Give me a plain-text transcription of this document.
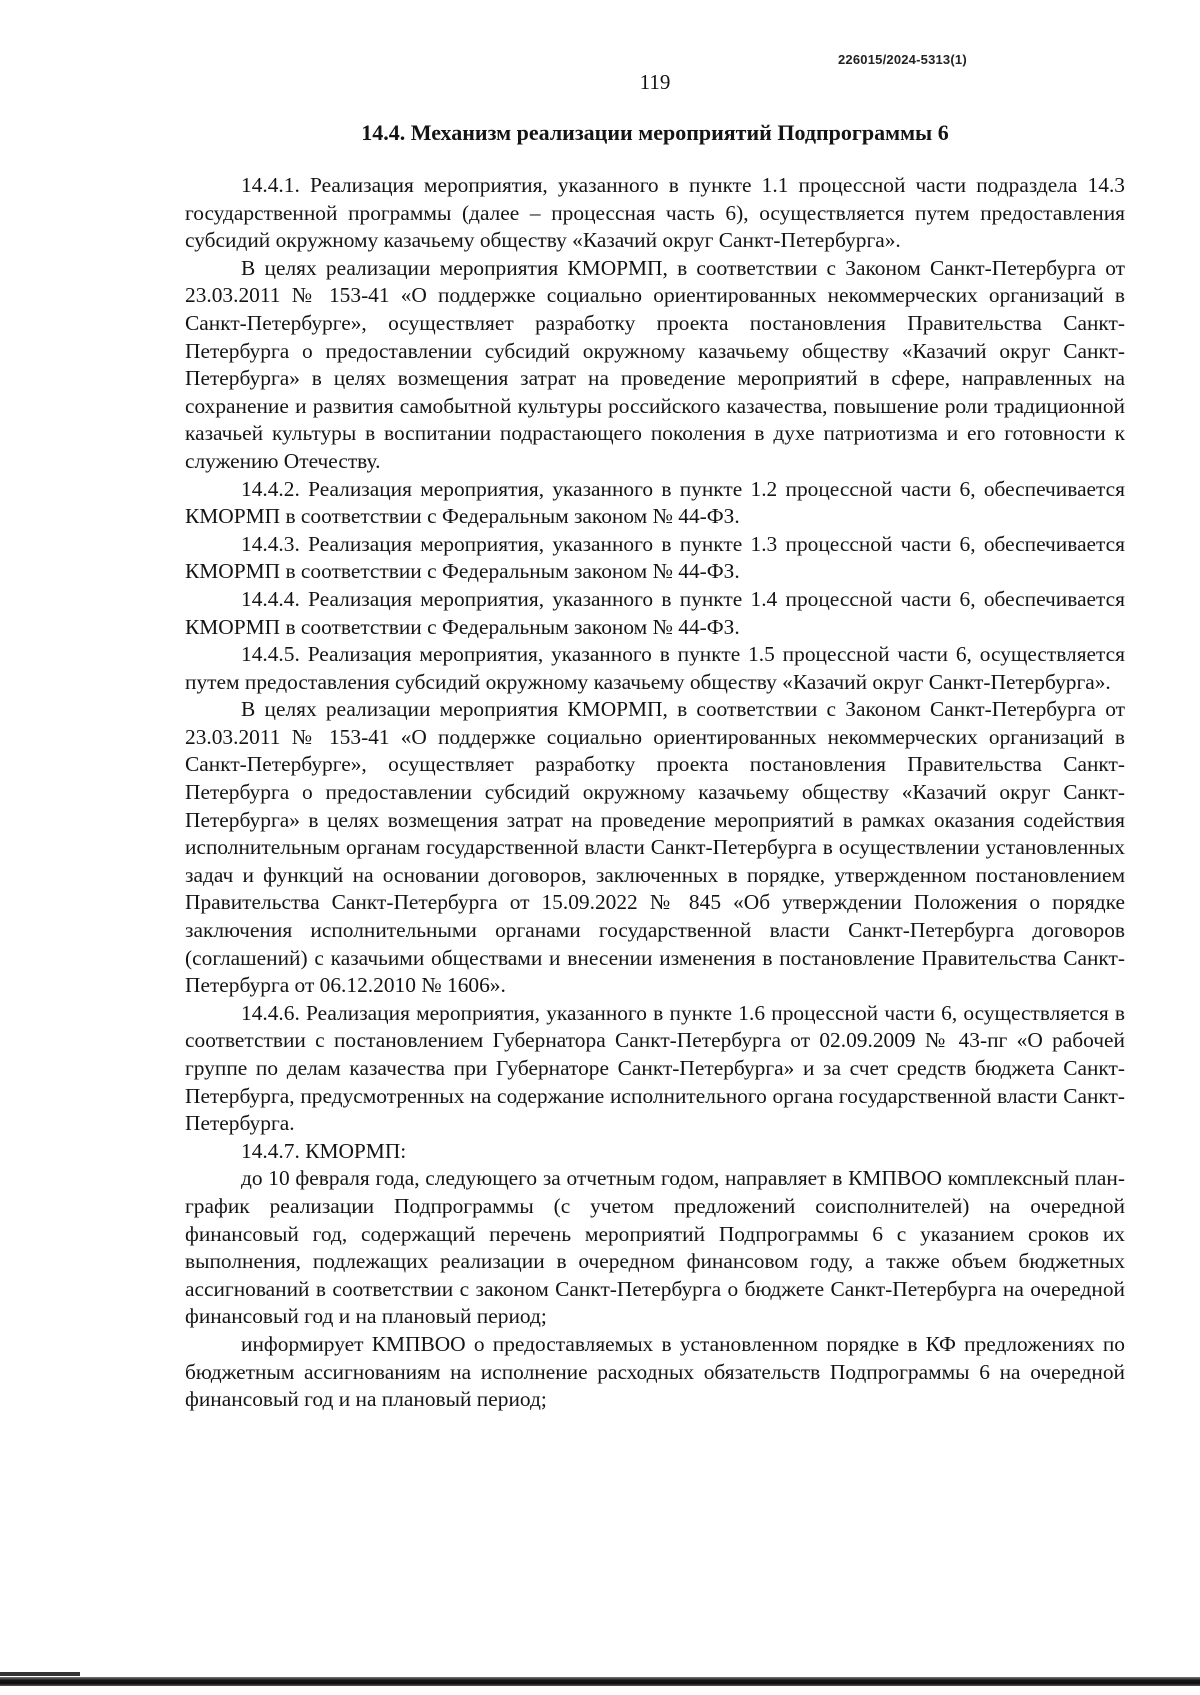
226015/2024-5313(1)
119
14.4. Механизм реализации мероприятий Подпрограммы 6

14.4.1. Реализация мероприятия, указанного в пункте 1.1 процессной части подраздела 14.3 государственной программы (далее – процессная часть 6), осуществляется путем предоставления субсидий окружному казачьему обществу «Казачий округ Санкт-Петербурга».

В целях реализации мероприятия КМОРМП, в соответствии с Законом Санкт-Петербурга от 23.03.2011 № 153-41 «О поддержке социально ориентированных некоммерческих организаций в Санкт-Петербурге», осуществляет разработку проекта постановления Правительства Санкт-Петербурга о предоставлении субсидий окружному казачьему обществу «Казачий округ Санкт-Петербурга» в целях возмещения затрат на проведение мероприятий в сфере, направленных на сохранение и развития самобытной культуры российского казачества, повышение роли традиционной казачьей культуры в воспитании подрастающего поколения в духе патриотизма и его готовности к служению Отечеству.

14.4.2. Реализация мероприятия, указанного в пункте 1.2 процессной части 6, обеспечивается КМОРМП в соответствии с Федеральным законом № 44-ФЗ.

14.4.3. Реализация мероприятия, указанного в пункте 1.3 процессной части 6, обеспечивается КМОРМП в соответствии с Федеральным законом № 44-ФЗ.

14.4.4. Реализация мероприятия, указанного в пункте 1.4 процессной части 6, обеспечивается КМОРМП в соответствии с Федеральным законом № 44-ФЗ.

14.4.5. Реализация мероприятия, указанного в пункте 1.5 процессной части 6, осуществляется путем предоставления субсидий окружному казачьему обществу «Казачий округ Санкт-Петербурга».

В целях реализации мероприятия КМОРМП, в соответствии с Законом Санкт-Петербурга от 23.03.2011 № 153-41 «О поддержке социально ориентированных некоммерческих организаций в Санкт-Петербурге», осуществляет разработку проекта постановления Правительства Санкт-Петербурга о предоставлении субсидий окружному казачьему обществу «Казачий округ Санкт-Петербурга» в целях возмещения затрат на проведение мероприятий в рамках оказания содействия исполнительным органам государственной власти Санкт-Петербурга в осуществлении установленных задач и функций на основании договоров, заключенных в порядке, утвержденном постановлением Правительства Санкт-Петербурга от 15.09.2022 № 845 «Об утверждении Положения о порядке заключения исполнительными органами государственной власти Санкт-Петербурга договоров (соглашений) с казачьими обществами и внесении изменения в постановление Правительства Санкт-Петербурга от 06.12.2010 № 1606».

14.4.6. Реализация мероприятия, указанного в пункте 1.6 процессной части 6, осуществляется в соответствии с постановлением Губернатора Санкт-Петербурга от 02.09.2009 № 43-пг «О рабочей группе по делам казачества при Губернаторе Санкт-Петербурга» и за счет средств бюджета Санкт-Петербурга, предусмотренных на содержание исполнительного органа государственной власти Санкт-Петербурга.

14.4.7. КМОРМП:

до 10 февраля года, следующего за отчетным годом, направляет в КМПВОО комплексный план-график реализации Подпрограммы (с учетом предложений соисполнителей) на очередной финансовый год, содержащий перечень мероприятий Подпрограммы 6 с указанием сроков их выполнения, подлежащих реализации в очередном финансовом году, а также объем бюджетных ассигнований в соответствии с законом Санкт-Петербурга о бюджете Санкт-Петербурга на очередной финансовый год и на плановый период;

информирует КМПВОО о предоставляемых в установленном порядке в КФ предложениях по бюджетным ассигнованиям на исполнение расходных обязательств Подпрограммы 6 на очередной финансовый год и на плановый период;
